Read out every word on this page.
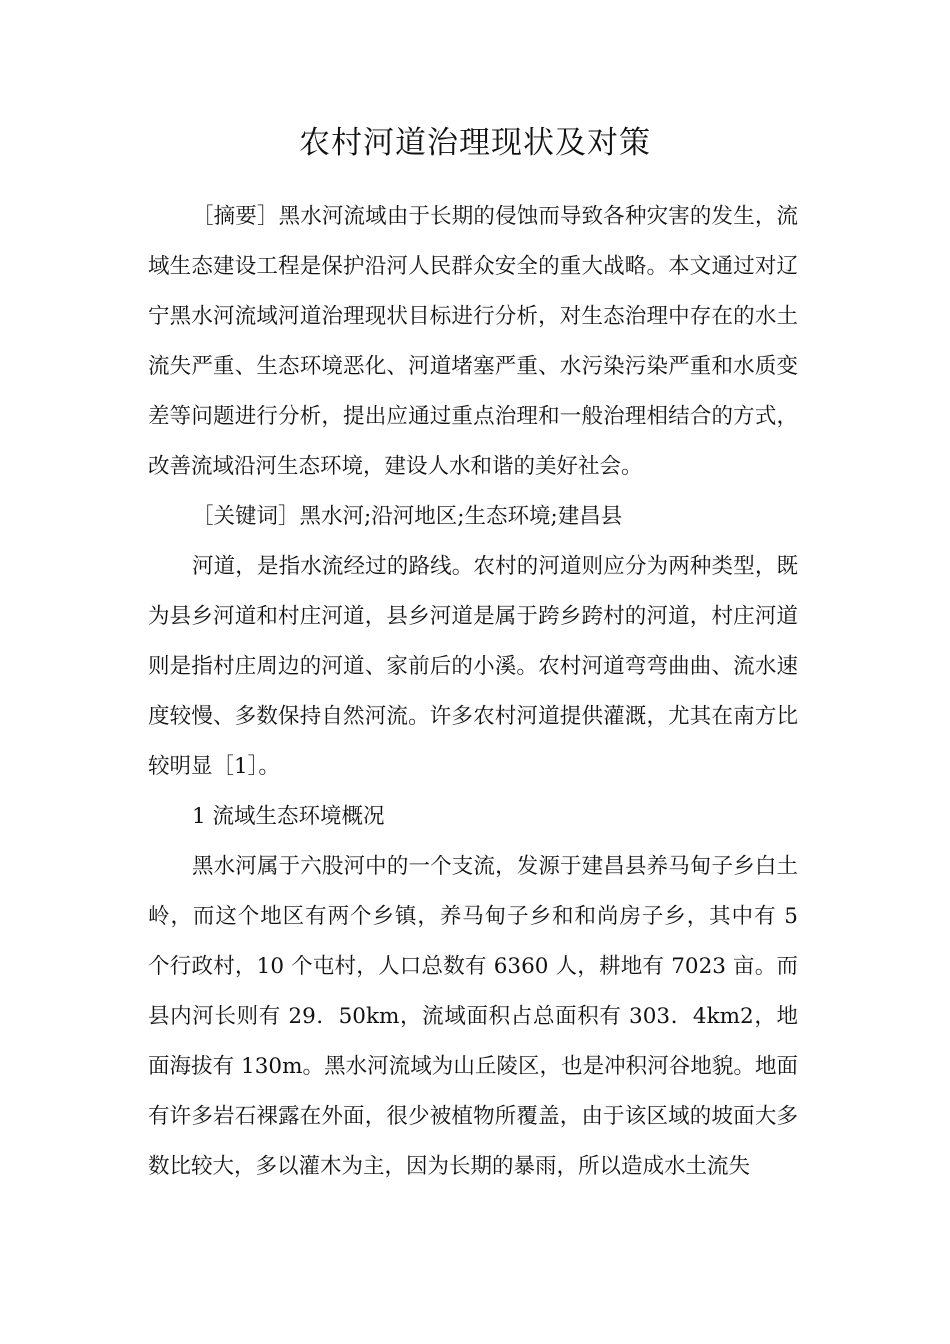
农村河道治理现状及对策

［摘要］黑水河流域由于长期的侵蚀而导致各种灾害的发生，流域生态建设工程是保护沿河人民群众安全的重大战略。本文通过对辽宁黑水河流域河道治理现状目标进行分析，对生态治理中存在的水土流失严重、生态环境恶化、河道堵塞严重、水污染污染严重和水质变差等问题进行分析，提出应通过重点治理和一般治理相结合的方式，改善流域沿河生态环境，建设人水和谐的美好社会。

［关键词］黑水河;沿河地区;生态环境;建昌县

河道，是指水流经过的路线。农村的河道则应分为两种类型，既为县乡河道和村庄河道，县乡河道是属于跨乡跨村的河道，村庄河道则是指村庄周边的河道、家前后的小溪。农村河道弯弯曲曲、流水速度较慢、多数保持自然河流。许多农村河道提供灌溉，尤其在南方比较明显［1］。

1 流域生态环境概况

黑水河属于六股河中的一个支流，发源于建昌县养马甸子乡白土岭，而这个地区有两个乡镇，养马甸子乡和和尚房子乡，其中有 5 个行政村，10 个屯村，人口总数有 6360 人，耕地有 7023 亩。而县内河长则有 29．50km，流域面积占总面积有 303．4km2，地面海拔有 130m。黑水河流域为山丘陵区，也是冲积河谷地貌。地面有许多岩石裸露在外面，很少被植物所覆盖，由于该区域的坡面大多数比较大，多以灌木为主，因为长期的暴雨，所以造成水土流失
